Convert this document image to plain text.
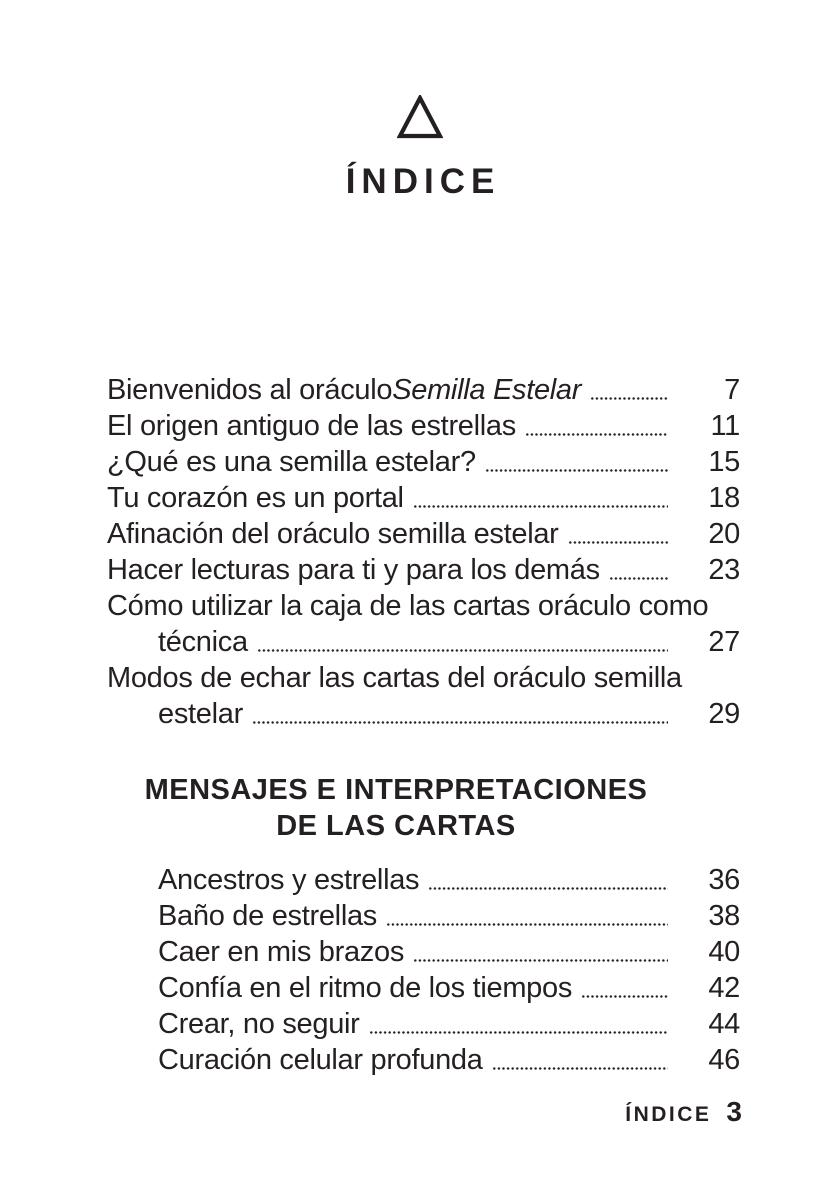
ÍNDICE
Bienvenidos al oráculo Semilla Estelar	7
El origen antiguo de las estrellas	11
¿Qué es una semilla estelar?	15
Tu corazón es un portal	18
Afinación del oráculo semilla estelar	20
Hacer lecturas para ti y para los demás	23
Cómo utilizar la caja de las cartas oráculo como
técnica	27
Modos de echar las cartas del oráculo semilla
estelar	29
MENSAJES E INTERPRETACIONES
DE LAS CARTAS
Ancestros y estrellas	36
Baño de estrellas	38
Caer en mis brazos	40
Confía en el ritmo de los tiempos	42
Crear, no seguir	44
Curación celular profunda	46
ÍNDICE 3
